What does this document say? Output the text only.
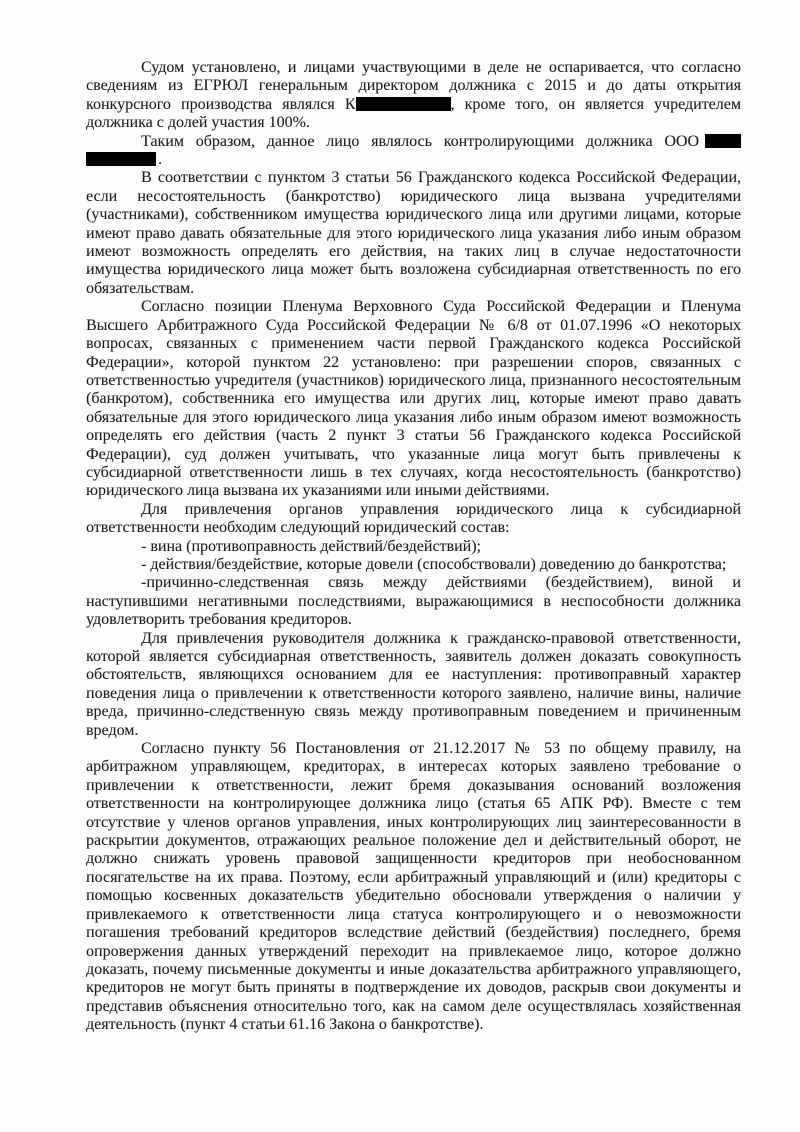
Судом установлено, и лицами участвующими в деле не оспаривается, что согласно сведениям из ЕГРЮЛ генеральным директором должника с 2015 и до даты открытия конкурсного производства являлся К	, кроме того, он является учредителем должника с долей участия 100%.

Таким образом, данное лицо являлось контролирующими должника ООО

.

В соответствии с пунктом 3 статьи 56 Гражданского кодекса Российской Федерации, если несостоятельность (банкротство) юридического лица вызвана учредителями (участниками), собственником имущества юридического лица или другими лицами, которые имеют право давать обязательные для этого юридического лица указания либо иным образом имеют возможность определять его действия, на таких лиц в случае недостаточности имущества юридического лица может быть возложена субсидиарная ответственность по его обязательствам.

Согласно позиции Пленума Верховного Суда Российской Федерации и Пленума Высшего Арбитражного Суда Российской Федерации № 6/8 от 01.07.1996 «О некоторых вопросах, связанных с применением части первой Гражданского кодекса Российской Федерации», которой пунктом 22 установлено: при разрешении споров, связанных с ответственностью учредителя (участников) юридического лица, признанного несостоятельным (банкротом), собственника его имущества или других лиц, которые имеют право давать обязательные для этого юридического лица указания либо иным образом имеют возможность определять его действия (часть 2 пункт 3 статьи 56 Гражданского кодекса Российской Федерации), суд должен учитывать, что указанные лица могут быть привлечены к субсидиарной ответственности лишь в тех случаях, когда несостоятельность (банкротство) юридического лица вызвана их указаниями или иными действиями.

Для привлечения органов управления юридического лица к субсидиарной ответственности необходим следующий юридический состав:

- вина (противоправность действий/бездействий);

- действия/бездействие, которые довели (способствовали) доведению до банкротства;

-причинно-следственная связь между действиями (бездействием), виной и наступившими негативными последствиями, выражающимися в неспособности должника удовлетворить требования кредиторов.

Для привлечения руководителя должника к гражданско-правовой ответственности, которой является субсидиарная ответственность, заявитель должен доказать совокупность обстоятельств, являющихся основанием для ее наступления: противоправный характер поведения лица о привлечении к ответственности которого заявлено, наличие вины, наличие вреда, причинно-следственную связь между противоправным поведением и причиненным вредом.

Согласно пункту 56 Постановления от 21.12.2017 № 53 по общему правилу, на арбитражном управляющем, кредиторах, в интересах которых заявлено требование о привлечении к ответственности, лежит бремя доказывания оснований возложения ответственности на контролирующее должника лицо (статья 65 АПК РФ). Вместе с тем отсутствие у членов органов управления, иных контролирующих лиц заинтересованности в раскрытии документов, отражающих реальное положение дел и действительный оборот, не должно снижать уровень правовой защищенности кредиторов при необоснованном посягательстве на их права. Поэтому, если арбитражный управляющий и (или) кредиторы с помощью косвенных доказательств убедительно обосновали утверждения о наличии у привлекаемого к ответственности лица статуса контролирующего и о невозможности погашения требований кредиторов вследствие действий (бездействия) последнего, бремя опровержения данных утверждений переходит на привлекаемое лицо, которое должно доказать, почему письменные документы и иные доказательства арбитражного управляющего, кредиторов не могут быть приняты в подтверждение их доводов, раскрыв свои документы и представив объяснения относительно того, как на самом деле осуществлялась хозяйственная деятельность (пункт 4 статьи 61.16 Закона о банкротстве).
